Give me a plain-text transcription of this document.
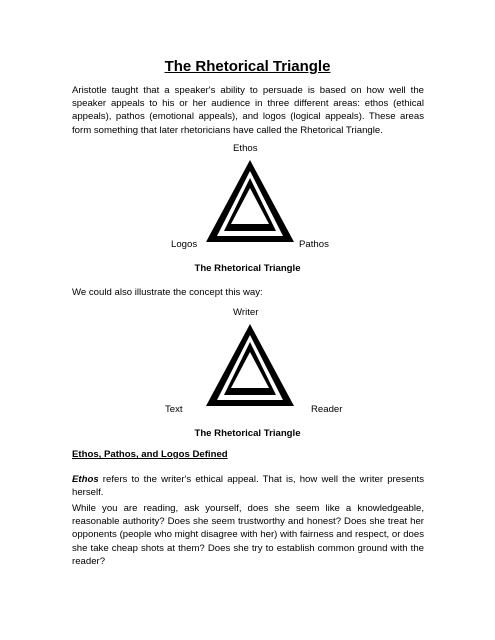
The Rhetorical Triangle

Aristotle taught that a speaker's ability to persuade is based on how well the speaker appeals to his or her audience in three different areas: ethos (ethical appeals), pathos (emotional appeals), and logos (logical appeals). These areas form something that later rhetoricians have called the Rhetorical Triangle.

Ethos
Logos	Pathos
The Rhetorical Triangle

We could also illustrate the concept this way:

Writer
Text	Reader
The Rhetorical Triangle
Ethos, Pathos, and Logos Defined

Ethos refers to the writer's ethical appeal. That is, how well the writer presents herself.

While you are reading, ask yourself, does she seem like a knowledgeable, reasonable authority? Does she seem trustworthy and honest? Does she treat her opponents (people who might disagree with her) with fairness and respect, or does she take cheap shots at them? Does she try to establish common ground with the reader?
